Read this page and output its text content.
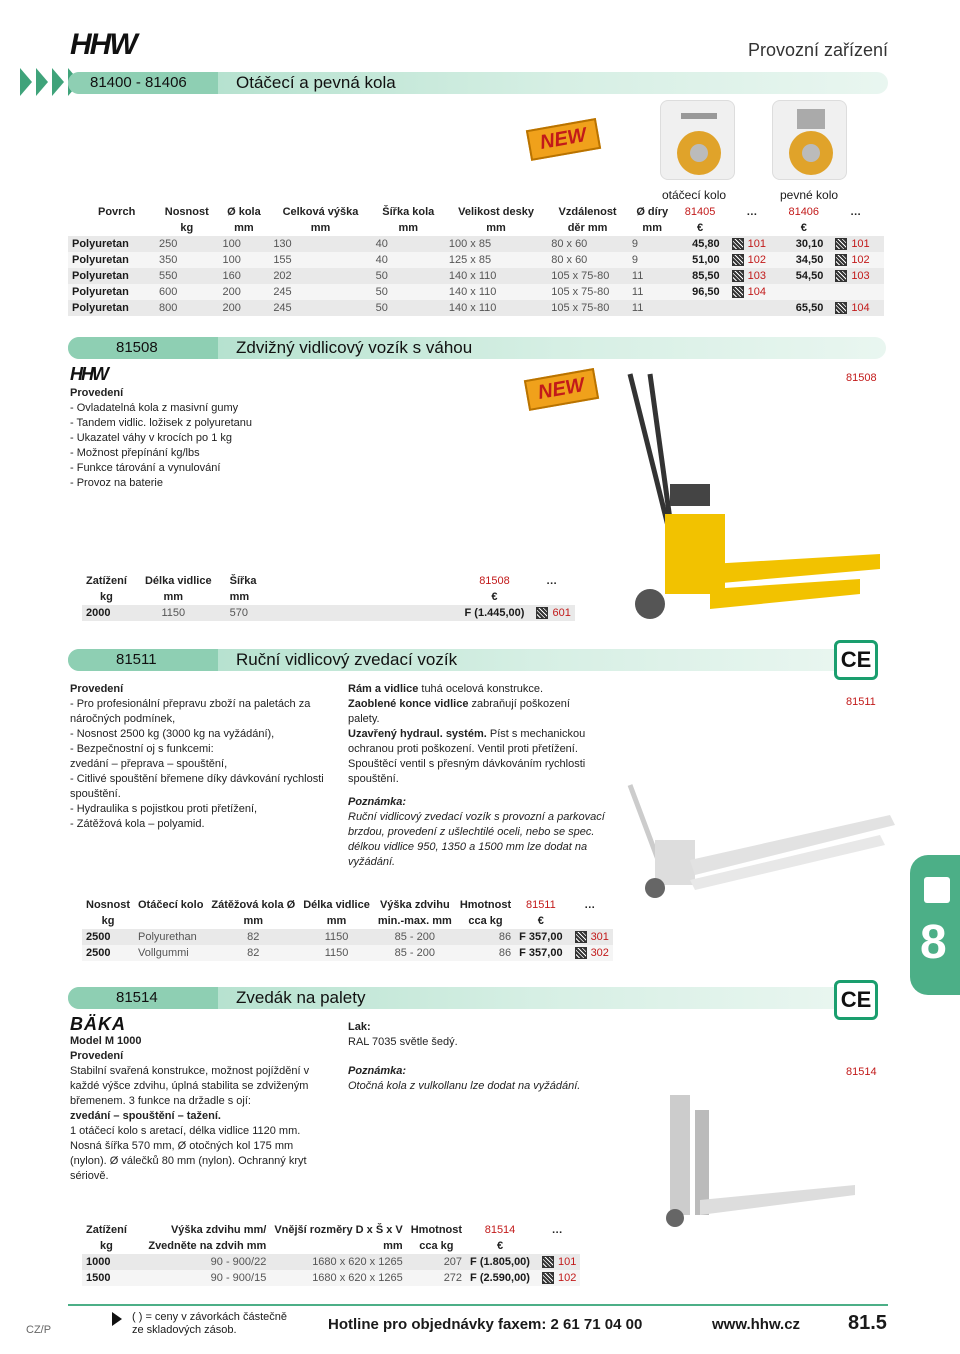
HHW	Provozní zařízení
81400 - 81406	Otáčecí a pevná kola
NEW
otáčecí kolo	pevné kolo
Povrch	Nosnost	Ø kola	Celková výška	Šířka kola	Velikost desky	Vzdálenost	Ø díry	81405	…	81406	…
	kg	mm	mm	mm	mm	děr mm	mm	€		€	
Polyuretan	250	100	130	40	100 x 85	80 x 60	9	45,80	101	30,10	101
Polyuretan	350	100	155	40	125 x 85	80 x 60	9	51,00	102	34,50	102
Polyuretan	550	160	202	50	140 x 110	105 x 75-80	11	85,50	103	54,50	103
Polyuretan	600	200	245	50	140 x 110	105 x 75-80	11	96,50	104		
Polyuretan	800	200	245	50	140 x 110	105 x 75-80	11			65,50	104
81508	Zdvižný vidlicový vozík s váhou
HHW	81508
NEW
Provedení
- Ovladatelná kola z masivní gumy
- Tandem vidlic. ložisek z polyuretanu
- Ukazatel váhy v krocích po 1 kg
- Možnost přepínání kg/lbs
- Funkce tárování a vynulování
- Provoz na baterie
Zatížení	Délka vidlice	Šířka		81508	…
kg	mm	mm		€	
2000	1150	570		F (1.445,00)	601
81511	Ruční vidlicový zvedací vozík	CE
81511
Provedení
- Pro profesionální přepravu zboží na paletách za
náročných podmínek,
- Nosnost 2500 kg (3000 kg na vyžádání),
- Bezpečnostní oj s funkcemi:
zvedání – přeprava – spouštění,
- Citlivé spouštění břemene díky dávkování rychlosti
spouštění.
- Hydraulika s pojistkou proti přetížení,
- Zátěžová kola – polyamid.
Rám a vidlice tuhá ocelová konstrukce.
Zaoblené konce vidlice zabraňují poškození
palety.
Uzavřený hydraul. systém. Píst s mechanickou
ochranou proti poškození. Ventil proti přetížení.
Spouštěcí ventil s přesným dávkováním rychlosti
spouštění.
Poznámka:
Ruční vidlicový zvedací vozík s provozní a parkovací
brzdou, provedení z ušlechtilé oceli, nebo se spec.
délkou vidlice 950, 1350 a 1500 mm lze dodat na
vyžádání.
Nosnost	Otáčecí kolo	Zátěžová kola Ø	Délka vidlice	Výška zdvihu	Hmotnost	81511	…
kg		mm	mm	min.-max. mm	cca kg	€	
2500	Polyurethan	82	1150	85 - 200	86	F 357,00	301
2500	Vollgummi	82	1150	85 - 200	86	F 357,00	302	8
81514	Zvedák na palety	CE
81514
BÄKA
Model M 1000
Provedení
Stabilní svařená konstrukce, možnost pojíždění v
každé výšce zdvihu, úplná stabilita se zdviženým
břemenem. 3 funkce na držadle s ojí:
zvedání – spouštění – tažení.
1 otáčecí kolo s aretací, délka vidlice 1120 mm.
Nosná šířka 570 mm, Ø otočných kol 175 mm
(nylon). Ø válečků 80 mm (nylon). Ochranný kryt
sériově.
Lak:
RAL 7035 světle šedý.
Poznámka:
Otočná kola z vulkollanu lze dodat na vyžádání.
Zatížení	Výška zdvihu mm/	Vnější rozměry D x Š x V	Hmotnost	81514	…
kg	Zvedněte na zdvih mm	mm	cca kg	€	
1000	90 - 900/22	1680 x 620 x 1265	207	F (1.805,00)	101
1500	90 - 900/15	1680 x 620 x 1265	272	F (2.590,00)	102
CZ/P
( ) = ceny v závorkách částečně
ze skladových zásob.	Hotline pro objednávky faxem: 2 61 71 04 00	www.hhw.cz 81.5
